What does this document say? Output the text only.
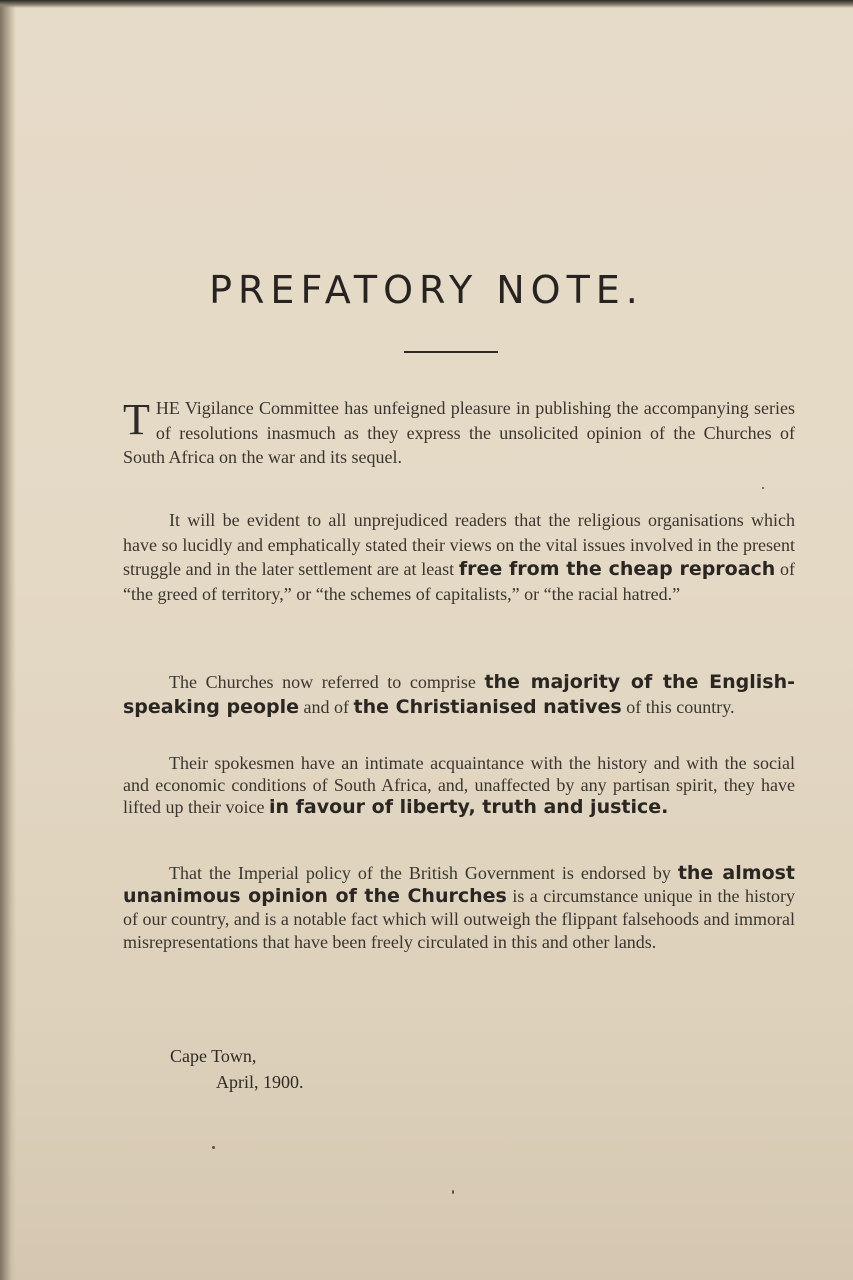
PREFATORY NOTE.

THE Vigilance Committee has unfeigned pleasure in publishing the accompanying series of resolutions inasmuch as they express the unsolicited opinion of the Churches of South Africa on the war and its sequel.

It will be evident to all unprejudiced readers that the religious organisations which have so lucidly and emphatically stated their views on the vital issues involved in the present struggle and in the later settlement are at least free from the cheap reproach of “the greed of territory,” or “the schemes of capitalists,” or “the racial hatred.”

The Churches now referred to comprise the majority of the English-speaking people and of the Christianised natives of this country.

Their spokesmen have an intimate acquaintance with the history and with the social and economic conditions of South Africa, and, unaffected by any partisan spirit, they have lifted up their voice in favour of liberty, truth and justice.

That the Imperial policy of the British Government is endorsed by the almost unanimous opinion of the Churches is a circumstance unique in the history of our country, and is a notable fact which will outweigh the flippant falsehoods and immoral misrepresentations that have been freely circulated in this and other lands.

Cape Town,
April, 1900.
